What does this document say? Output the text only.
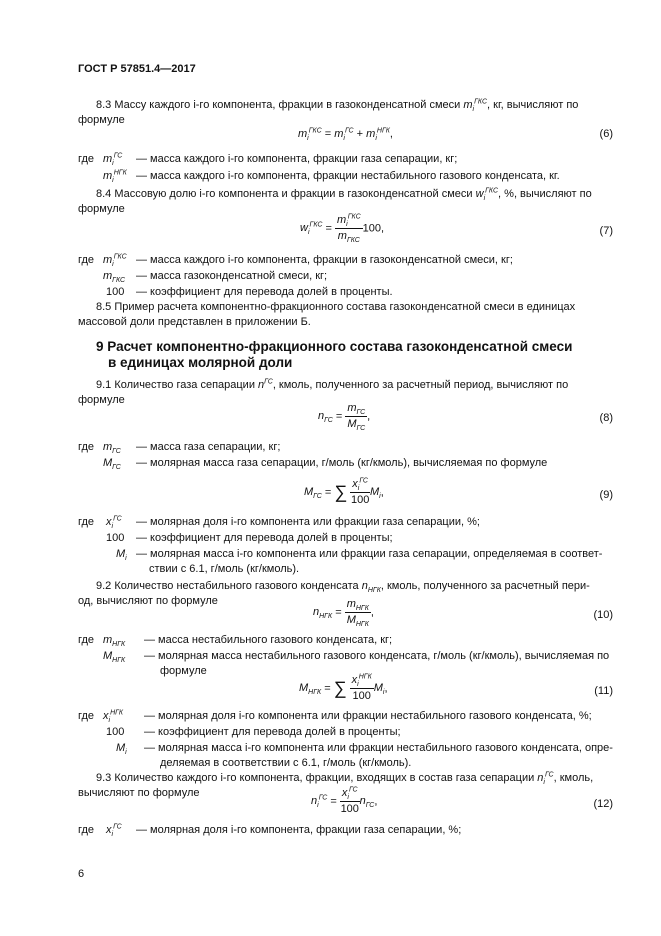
ГОСТ Р 57851.4—2017
8.3 Массу каждого i-го компонента, фракции в газоконденсатной смеси $m_i^{ГКС}$, кг, вычисляют по
формуле
$m_i^{ГКС} = m_i^{ГС} + m_i^{НГК}$,	(6)
где $m_i^{ГС}$ — масса каждого i-го компонента, фракции газа сепарации, кг;
$m_i^{НГК}$ — масса каждого i-го компонента, фракции нестабильного газового конденсата, кг.
8.4 Массовую долю i-го компонента и фракции в газоконденсатной смеси $w_i^{ГКС}$, %, вычисляют по
формуле
$w_i^{ГКС} = \frac{m_i^{ГКС}}{m_{ГКС}} 100$,	(7)
где $m_i^{ГКС}$ — масса каждого i-го компонента, фракции в газоконденсатной смеси, кг;
$m_{ГКС}$ — масса газоконденсатной смеси, кг;
100 — коэффициент для перевода долей в проценты.
8.5 Пример расчета компонентно-фракционного состава газоконденсатной смеси в единицах
массовой доли представлен в приложении Б.
9 Расчет компонентно-фракционного состава газоконденсатной смеси
в единицах молярной доли
9.1 Количество газа сепарации $n^{ГС}$, кмоль, полученного за расчетный период, вычисляют по
формуле
$n_{ГС} = \frac{m_{ГС}}{M_{ГС}}$ ,	(8)
где $m_{ГС}$ — масса газа сепарации, кг;
$M_{ГС}$ — молярная масса газа сепарации, г/моль (кг/кмоль), вычисляемая по формуле
$M_{ГС}$ = ∑ $\frac{x_i^{ГС}}{100} M_i$,	(9)
где $x_i^{ГС}$ — молярная доля i-го компонента или фракции газа сепарации, %;
100 — коэффициент для перевода долей в проценты;
$M_i$ — молярная масса i-го компонента или фракции газа сепарации, определяемая в соответ-
ствии с 6.1, г/моль (кг/кмоль).
9.2 Количество нестабильного газового конденсата $n_{НГК}$, кмоль, полученного за расчетный пери-
од, вычисляют по формуле
$n_{НГК} = \frac{m_{НГК}}{M_{НГК}}$ ,	(10)
где $m_{НГК}$ — масса нестабильного газового конденсата, кг;
$M_{НГК}$ — молярная масса нестабильного газового конденсата, г/моль (кг/кмоль), вычисляемая по
формуле
$M_{НГК}$ = ∑ $\frac{x_i^{НГК}}{100} M_i$,	(11)
где $x_i^{НГК}$ — молярная доля i-го компонента или фракции нестабильного газового конденсата, %;
100 — коэффициент для перевода долей в проценты;
$M_i$ — молярная масса i-го компонента или фракции нестабильного газового конденсата, опре-
деляемая в соответствии с 6.1, г/моль (кг/кмоль).
9.3 Количество каждого i-го компонента, фракции, входящих в состав газа сепарации $n_i^{ГС}$, кмоль,
вычисляют по формуле
$n_i^{ГС} = \frac{x_i^{ГС}}{100} n_{ГС}$,	(12)
где $x_i^{ГС}$ — молярная доля i-го компонента, фракции газа сепарации, %;
6
